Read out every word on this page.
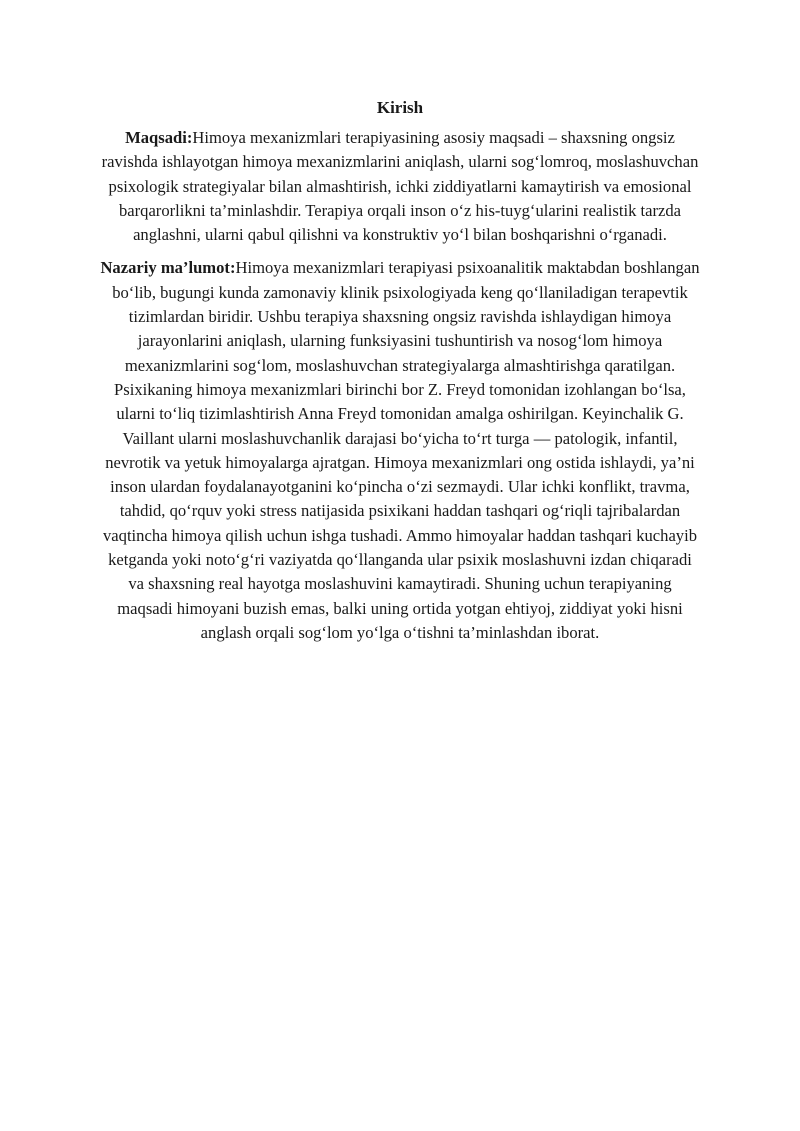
Kirish

Maqsadi:Himoya mexanizmlari terapiyasining asosiy maqsadi – shaxsning ongsiz ravishda ishlayotgan himoya mexanizmlarini aniqlash, ularni sog‘lomroq, moslashuvchan psixologik strategiyalar bilan almashtirish, ichki ziddiyatlarni kamaytirish va emosional barqarorlikni ta’minlashdir. Terapiya orqali inson o‘z his-tuyg‘ularini realistik tarzda anglashni, ularni qabul qilishni va konstruktiv yo‘l bilan boshqarishni o‘rganadi.

Nazariy ma’lumot:Himoya mexanizmlari terapiyasi psixoanalitik maktabdan boshlangan bo‘lib, bugungi kunda zamonaviy klinik psixologiyada keng qo‘llaniladigan terapevtik tizimlardan biridir. Ushbu terapiya shaxsning ongsiz ravishda ishlaydigan himoya jarayonlarini aniqlash, ularning funksiyasini tushuntirish va nosog‘lom himoya mexanizmlarini sog‘lom, moslashuvchan strategiyalarga almashtirishga qaratilgan. Psixikaning himoya mexanizmlari birinchi bor Z. Freyd tomonidan izohlangan bo‘lsa, ularni to‘liq tizimlashtirish Anna Freyd tomonidan amalga oshirilgan. Keyinchalik G. Vaillant ularni moslashuvchanlik darajasi bo‘yicha to‘rt turga — patologik, infantil, nevrotik va yetuk himoyalarga ajratgan. Himoya mexanizmlari ong ostida ishlaydi, ya’ni inson ulardan foydalanayotganini ko‘pincha o‘zi sezmaydi. Ular ichki konflikt, travma, tahdid, qo‘rquv yoki stress natijasida psixikani haddan tashqari og‘riqli tajribalardan vaqtincha himoya qilish uchun ishga tushadi. Ammo himoyalar haddan tashqari kuchayib ketganda yoki noto‘g‘ri vaziyatda qo‘llanganda ular psixik moslashuvni izdan chiqaradi va shaxsning real hayotga moslashuvini kamaytiradi. Shuning uchun terapiyaning maqsadi himoyani buzish emas, balki uning ortida yotgan ehtiyoj, ziddiyat yoki hisni anglash orqali sog‘lom yo‘lga o‘tishni ta’minlashdan iborat.
